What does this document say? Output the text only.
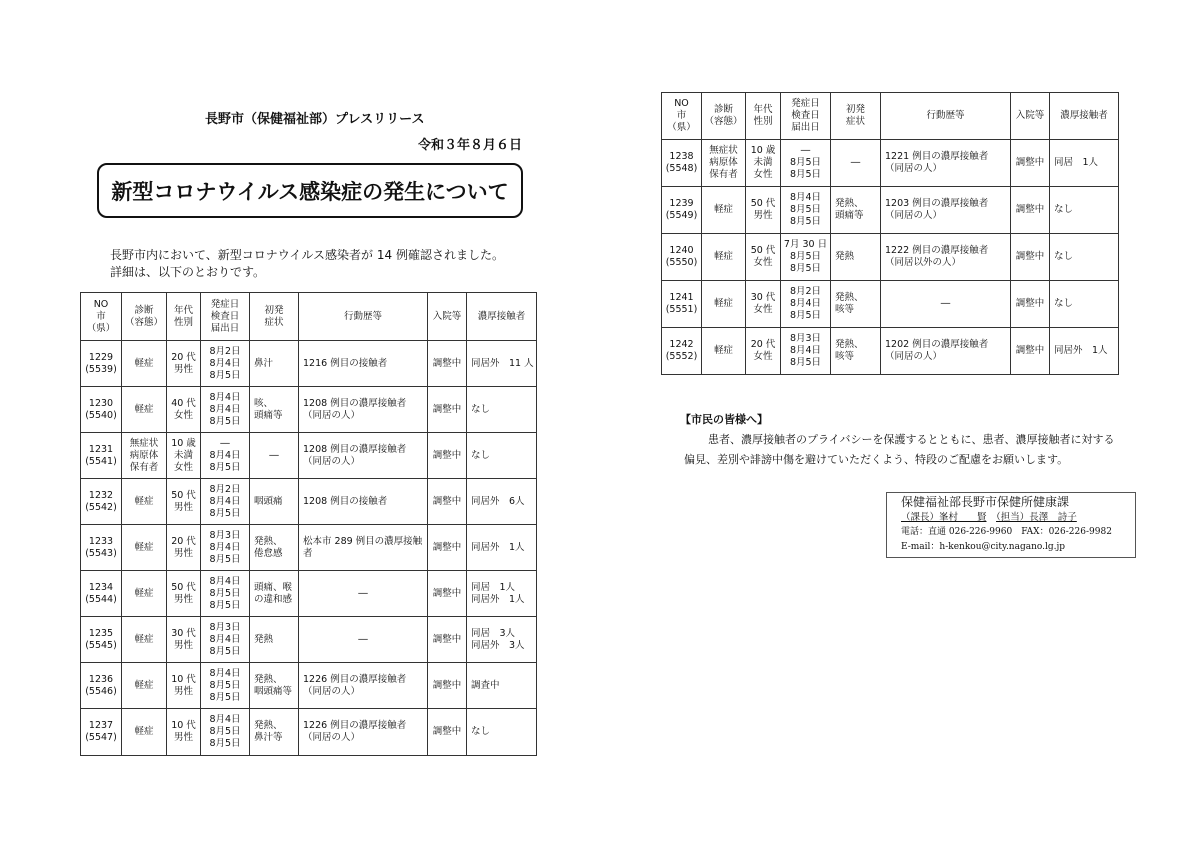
長野市（保健福祉部）プレスリリース
令和３年８月６日
新型コロナウイルス感染症の発生について
長野市内において、新型コロナウイルス感染者が 14 例確認されました。
詳細は、以下のとおりです。
NO
市
（県）	診断
（容態）	年代
性別	発症日
検査日
届出日	初発
症状	行動歴等	入院等	濃厚接触者
1229
(5539)	軽症	20 代
男性	8月2日
8月4日
8月5日	鼻汁	1216 例目の接触者	調整中	同居外　11 人
1230
(5540)	軽症	40 代
女性	8月4日
8月4日
8月5日	咳、
頭痛等	1208 例目の濃厚接触者
（同居の人）	調整中	なし
1231
(5541)	無症状
病原体
保有者	10 歳
未満
女性	―
8月4日
8月5日	―	1208 例目の濃厚接触者
（同居の人）	調整中	なし
1232
(5542)	軽症	50 代
男性	8月2日
8月4日
8月5日	咽頭痛	1208 例目の接触者	調整中	同居外　6人
1233
(5543)	軽症	20 代
男性	8月3日
8月4日
8月5日	発熱、
倦怠感	松本市 289 例目の濃厚接触
者	調整中	同居外　1人
1234
(5544)	軽症	50 代
男性	8月4日
8月5日
8月5日	頭痛、喉
の違和感	―	調整中	同居　1人
同居外　1人
1235
(5545)	軽症	30 代
男性	8月3日
8月4日
8月5日	発熱	―	調整中	同居　3人
同居外　3人
1236
(5546)	軽症	10 代
男性	8月4日
8月5日
8月5日	発熱、
咽頭痛等	1226 例目の濃厚接触者
（同居の人）	調整中	調査中
1237
(5547)	軽症	10 代
男性	8月4日
8月5日
8月5日	発熱、
鼻汁等	1226 例目の濃厚接触者
（同居の人）	調整中	なし
NO
市
（県）	診断
（容態）	年代
性別	発症日
検査日
届出日	初発
症状	行動歴等	入院等	濃厚接触者
1238
(5548)	無症状
病原体
保有者	10 歳
未満
女性	―
8月5日
8月5日	―	1221 例目の濃厚接触者
（同居の人）	調整中	同居　1人
1239
(5549)	軽症	50 代
男性	8月4日
8月5日
8月5日	発熱、
頭痛等	1203 例目の濃厚接触者
（同居の人）	調整中	なし
1240
(5550)	軽症	50 代
女性	7月 30 日
8月5日
8月5日	発熱	1222 例目の濃厚接触者
（同居以外の人）	調整中	なし
1241
(5551)	軽症	30 代
女性	8月2日
8月4日
8月5日	発熱、
咳等	―	調整中	なし
1242
(5552)	軽症	20 代
女性	8月3日
8月4日
8月5日	発熱、
咳等	1202 例目の濃厚接触者
（同居の人）	調整中	同居外　1人
【市民の皆様へ】
患者、濃厚接触者のプライバシーを保護するとともに、患者、濃厚接触者に対する
偏見、差別や誹謗中傷を避けていただくよう、特段のご配慮をお願いします。
保健福祉部長野市保健所健康課
（課長）峯村　　賢　 （担当）長澤　詩子
電話：直通 026-226-9960　FAX：026-226-9982
E-mail：h-kenkou@city.nagano.lg.jp
